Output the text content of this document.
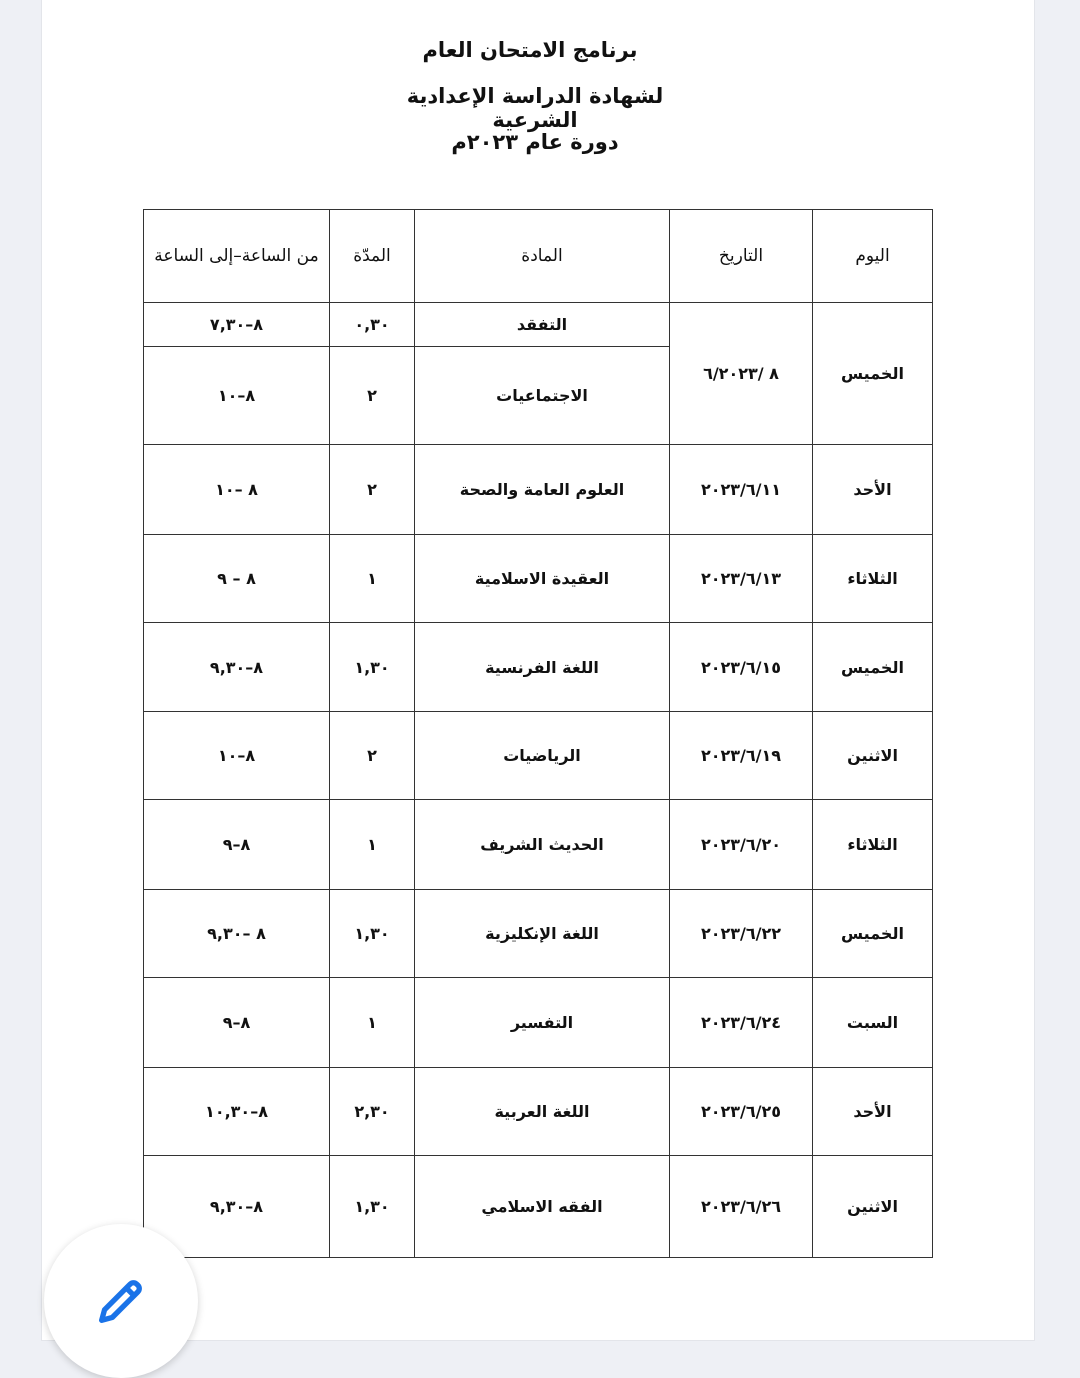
برنامج الامتحان العام
لشهادة الدراسة الإعدادية الشرعية
دورة عام ٢٠٢٣م
اليوم	التاريخ	المادة	المدّة	من الساعة–إلى الساعة
الخميس	٨ /٦/٢٠٢٣	التفقد	٠,٣٠	٨–٧,٣٠
		الاجتماعيات	٢	٨–١٠
الأحد	٢٠٢٣/٦/١١	العلوم العامة والصحة	٢	٨ –١٠
الثلاثاء	٢٠٢٣/٦/١٣	العقيدة الاسلامية	١	٨ – ٩
الخميس	٢٠٢٣/٦/١٥	اللغة الفرنسية	١,٣٠	٨–٩,٣٠
الاثنين	٢٠٢٣/٦/١٩	الرياضيات	٢	٨–١٠
الثلاثاء	٢٠٢٣/٦/٢٠	الحديث الشريف	١	٨–٩
الخميس	٢٠٢٣/٦/٢٢	اللغة الإنكليزية	١,٣٠	٨ –٩,٣٠
السبت	٢٠٢٣/٦/٢٤	التفسير	١	٨–٩
الأحد	٢٠٢٣/٦/٢٥	اللغة العربية	٢,٣٠	٨–١٠,٣٠
الاثنين	٢٠٢٣/٦/٢٦	الفقه الاسلامي	١,٣٠	٨–٩,٣٠
